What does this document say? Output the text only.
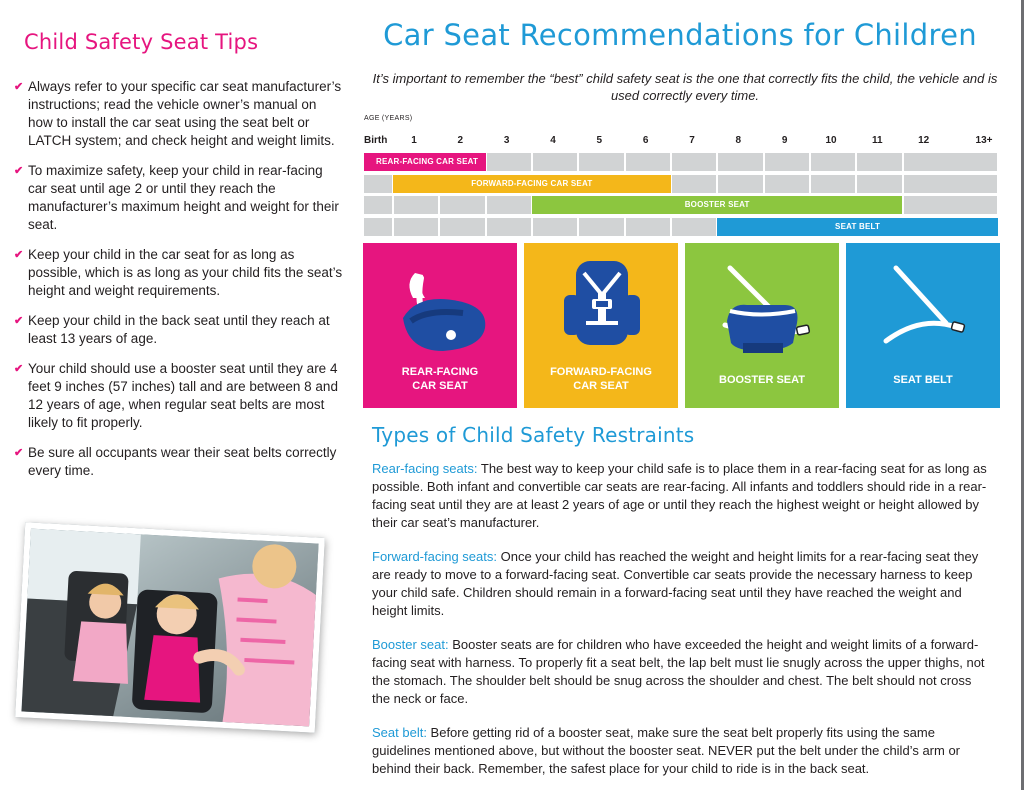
Child Safety Seat Tips
✔ Always refer to your specific car seat manufacturer’s instructions; read the vehicle owner’s manual on how to install the car seat using the seat belt or LATCH system; and check height and weight limits.
✔ To maximize safety, keep your child in rear-facing car seat until age 2 or until they reach the manufacturer’s maximum height and weight for their seat.
✔ Keep your child in the car seat for as long as possible, which is as long as your child fits the seat’s height and weight requirements.
✔ Keep your child in the back seat until they reach at least 13 years of age.
✔ Your child should use a booster seat until they are 4 feet 9 inches (57 inches) tall and are between 8 and 12 years of age, when regular seat belts are most likely to fit properly.
✔ Be sure all occupants wear their seat belts correctly every time.
Car Seat Recommendations for Children

It’s important to remember the “best” child safety seat is the one that correctly fits the child, the vehicle and is used correctly every time.

AGE (YEARS)
Birth 1	2	3	4	5	6	7	8	9	10	11	12	13+
REAR-FACING CAR SEAT
FORWARD-FACING CAR SEAT
BOOSTER SEAT
SEAT BELT
REAR-FACING
CAR SEAT
FORWARD-FACING
CAR SEAT	BOOSTER SEAT	SEAT BELT
Types of Child Safety Restraints

Rear-facing seats: The best way to keep your child safe is to place them in a rear-facing seat for as long as possible. Both infant and convertible car seats are rear-facing. All infants and toddlers should ride in a rear-facing seat until they are at least 2 years of age or until they reach the highest weight or height allowed by their car seat’s manufacturer.

Forward-facing seats: Once your child has reached the weight and height limits for a rear-facing seat they are ready to move to a forward-facing seat. Convertible car seats provide the necessary harness to keep your child safe. Children should remain in a forward-facing seat until they have reached the weight and height limits.

Booster seat: Booster seats are for children who have exceeded the height and weight limits of a forward-facing seat with harness. To properly fit a seat belt, the lap belt must lie snugly across the upper thighs, not the stomach. The shoulder belt should be snug across the shoulder and chest. The belt should not cross the neck or face.

Seat belt: Before getting rid of a booster seat, make sure the seat belt properly fits using the same guidelines mentioned above, but without the booster seat. NEVER put the belt under the child’s arm or behind their back. Remember, the safest place for your child to ride is in the back seat.
